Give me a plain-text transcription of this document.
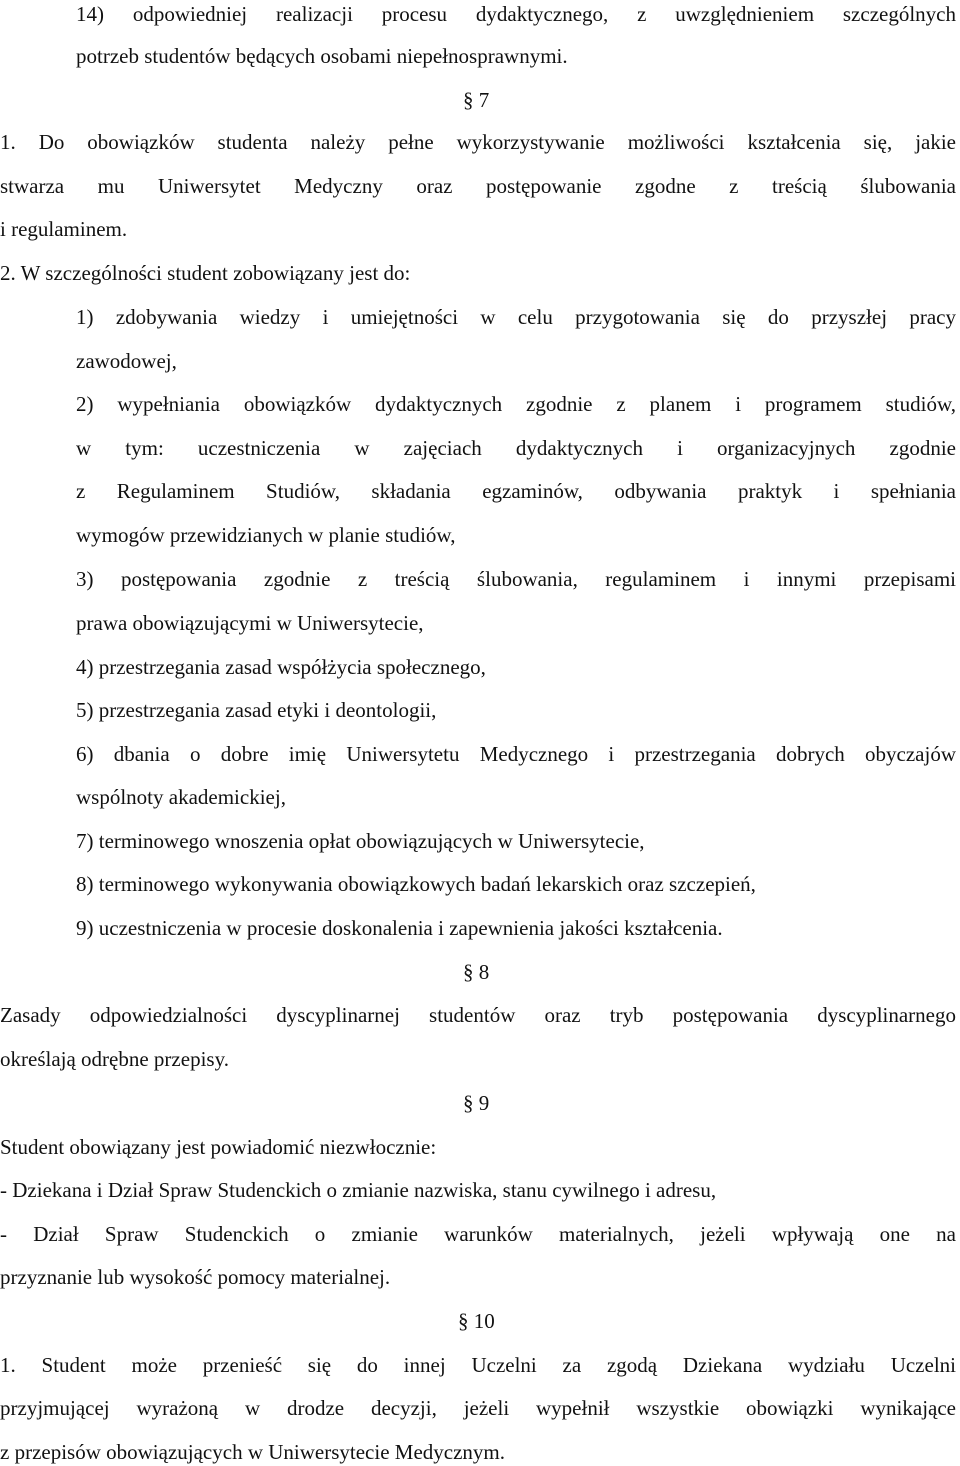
14) odpowiedniej realizacji procesu dydaktycznego, z uwzględnieniem szczególnych
potrzeb studentów będących osobami niepełnosprawnymi.
§ 7
1. Do obowiązków studenta należy pełne wykorzystywanie możliwości kształcenia się, jakie
stwarza mu Uniwersytet Medyczny oraz postępowanie zgodne z treścią ślubowania
i regulaminem.
2. W szczególności student zobowiązany jest do:
1) zdobywania wiedzy i umiejętności w celu przygotowania się do przyszłej pracy
zawodowej,
2) wypełniania obowiązków dydaktycznych zgodnie z planem i programem studiów,
w tym: uczestniczenia w zajęciach dydaktycznych i organizacyjnych zgodnie
z Regulaminem Studiów, składania egzaminów, odbywania praktyk i spełniania
wymogów przewidzianych w planie studiów,
3) postępowania zgodnie z treścią ślubowania, regulaminem i innymi przepisami
prawa obowiązującymi w Uniwersytecie,
4) przestrzegania zasad współżycia społecznego,
5) przestrzegania zasad etyki i deontologii,
6) dbania o dobre imię Uniwersytetu Medycznego i przestrzegania dobrych obyczajów
wspólnoty akademickiej,
7) terminowego wnoszenia opłat obowiązujących w Uniwersytecie,
8) terminowego wykonywania obowiązkowych badań lekarskich oraz szczepień,
9) uczestniczenia w procesie doskonalenia i zapewnienia jakości kształcenia.
§ 8
Zasady odpowiedzialności dyscyplinarnej studentów oraz tryb postępowania dyscyplinarnego
określają odrębne przepisy.
§ 9
Student obowiązany jest powiadomić niezwłocznie:
- Dziekana i Dział Spraw Studenckich o zmianie nazwiska, stanu cywilnego i adresu,
- Dział Spraw Studenckich o zmianie warunków materialnych, jeżeli wpływają one na
przyznanie lub wysokość pomocy materialnej.
§ 10
1. Student może przenieść się do innej Uczelni za zgodą Dziekana wydziału Uczelni
przyjmującej wyrażoną w drodze decyzji, jeżeli wypełnił wszystkie obowiązki wynikające
z przepisów obowiązujących w Uniwersytecie Medycznym.
